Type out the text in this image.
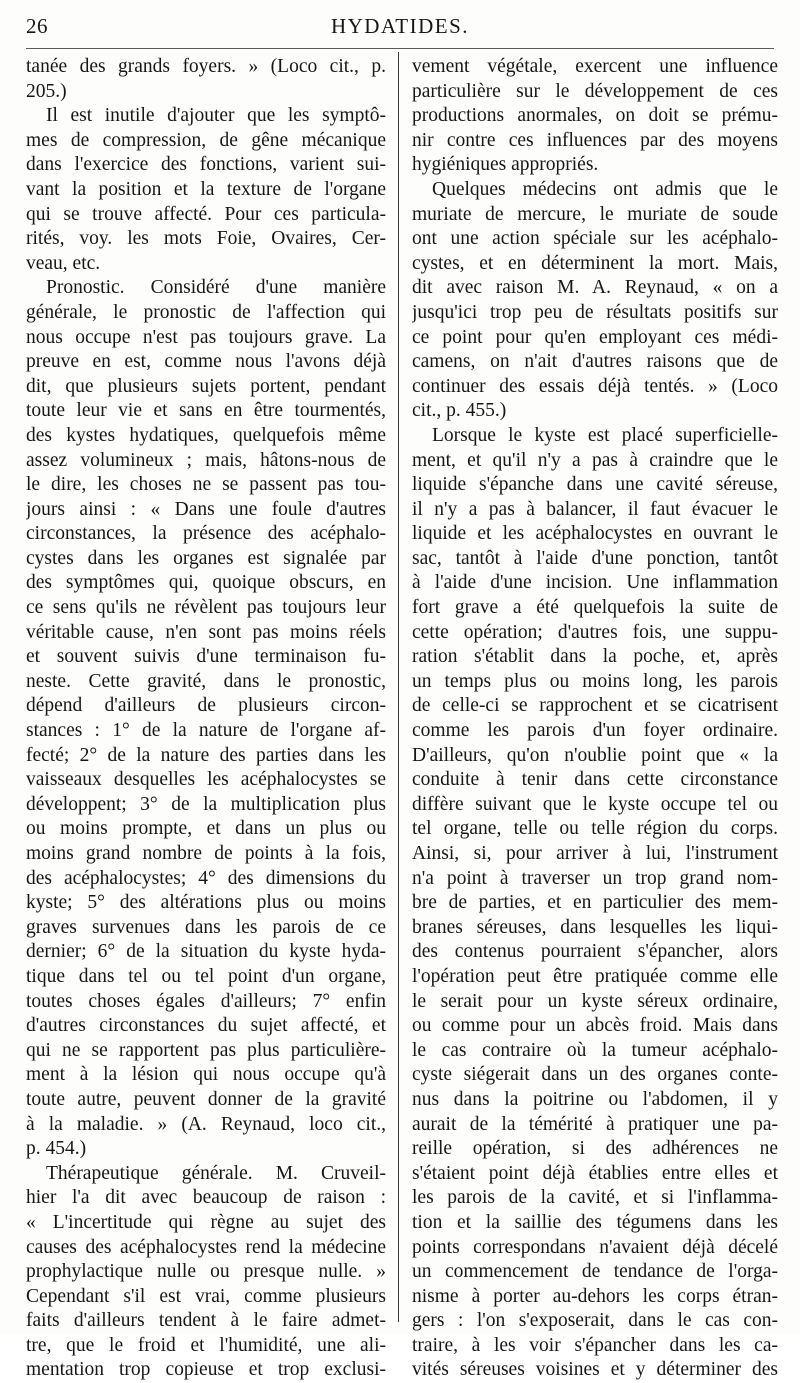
26	HYDATIDES.
tanée des grands foyers. » (Loco cit., p.
205.)
Il est inutile d'ajouter que les symptô-
mes de compression, de gêne mécanique
dans l'exercice des fonctions, varient sui-
vant la position et la texture de l'organe
qui se trouve affecté. Pour ces particula-
rités, voy. les mots Foie, Ovaires, Cer-
veau, etc.
Pronostic. Considéré d'une manière
générale, le pronostic de l'affection qui
nous occupe n'est pas toujours grave. La
preuve en est, comme nous l'avons déjà
dit, que plusieurs sujets portent, pendant
toute leur vie et sans en être tourmentés,
des kystes hydatiques, quelquefois même
assez volumineux ; mais, hâtons-nous de
le dire, les choses ne se passent pas tou-
jours ainsi : « Dans une foule d'autres
circonstances, la présence des acéphalo-
cystes dans les organes est signalée par
des symptômes qui, quoique obscurs, en
ce sens qu'ils ne révèlent pas toujours leur
véritable cause, n'en sont pas moins réels
et souvent suivis d'une terminaison fu-
neste. Cette gravité, dans le pronostic,
dépend d'ailleurs de plusieurs circon-
stances : 1° de la nature de l'organe af-
fecté; 2° de la nature des parties dans les
vaisseaux desquelles les acéphalocystes se
développent; 3° de la multiplication plus
ou moins prompte, et dans un plus ou
moins grand nombre de points à la fois,
des acéphalocystes; 4° des dimensions du
kyste; 5° des altérations plus ou moins
graves survenues dans les parois de ce
dernier; 6° de la situation du kyste hyda-
tique dans tel ou tel point d'un organe,
toutes choses égales d'ailleurs; 7° enfin
d'autres circonstances du sujet affecté, et
qui ne se rapportent pas plus particulière-
ment à la lésion qui nous occupe qu'à
toute autre, peuvent donner de la gravité
à la maladie. » (A. Reynaud, loco cit.,
p. 454.)
Thérapeutique générale. M. Cruveil-
hier l'a dit avec beaucoup de raison :
« L'incertitude qui règne au sujet des
causes des acéphalocystes rend la médecine
prophylactique nulle ou presque nulle. »
Cependant s'il est vrai, comme plusieurs
faits d'ailleurs tendent à le faire admet-
tre, que le froid et l'humidité, une ali-
mentation trop copieuse et trop exclusi-
vement végétale, exercent une influence
particulière sur le développement de ces
productions anormales, on doit se prému-
nir contre ces influences par des moyens
hygiéniques appropriés.
Quelques médecins ont admis que le
muriate de mercure, le muriate de soude
ont une action spéciale sur les acéphalo-
cystes, et en déterminent la mort. Mais,
dit avec raison M. A. Reynaud, « on a
jusqu'ici trop peu de résultats positifs sur
ce point pour qu'en employant ces médi-
camens, on n'ait d'autres raisons que de
continuer des essais déjà tentés. » (Loco
cit., p. 455.)
Lorsque le kyste est placé superficielle-
ment, et qu'il n'y a pas à craindre que le
liquide s'épanche dans une cavité séreuse,
il n'y a pas à balancer, il faut évacuer le
liquide et les acéphalocystes en ouvrant le
sac, tantôt à l'aide d'une ponction, tantôt
à l'aide d'une incision. Une inflammation
fort grave a été quelquefois la suite de
cette opération; d'autres fois, une suppu-
ration s'établit dans la poche, et, après
un temps plus ou moins long, les parois
de celle-ci se rapprochent et se cicatrisent
comme les parois d'un foyer ordinaire.
D'ailleurs, qu'on n'oublie point que « la
conduite à tenir dans cette circonstance
diffère suivant que le kyste occupe tel ou
tel organe, telle ou telle région du corps.
Ainsi, si, pour arriver à lui, l'instrument
n'a point à traverser un trop grand nom-
bre de parties, et en particulier des mem-
branes séreuses, dans lesquelles les liqui-
des contenus pourraient s'épancher, alors
l'opération peut être pratiquée comme elle
le serait pour un kyste séreux ordinaire,
ou comme pour un abcès froid. Mais dans
le cas contraire où la tumeur acéphalo-
cyste siégerait dans un des organes conte-
nus dans la poitrine ou l'abdomen, il y
aurait de la témérité à pratiquer une pa-
reille opération, si des adhérences ne
s'étaient point déjà établies entre elles et
les parois de la cavité, et si l'inflamma-
tion et la saillie des tégumens dans les
points correspondans n'avaient déjà décelé
un commencement de tendance de l'orga-
nisme à porter au-dehors les corps étran-
gers : l'on s'exposerait, dans le cas con-
traire, à les voir s'épancher dans les ca-
vités séreuses voisines et y déterminer des
